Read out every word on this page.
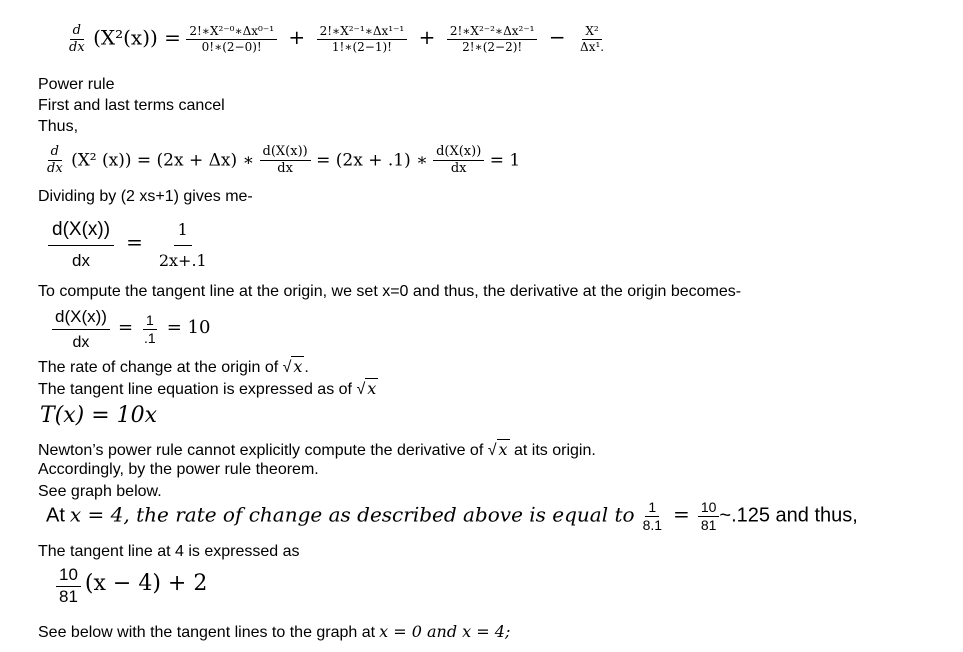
$\frac{d}{dx} (X^2(x)) = \frac{\text{2!∗X²⁻⁰∗Δx⁰⁻¹}}{0!∗(2-0)!} + \frac{\text{2!∗X²⁻¹∗Δx¹⁻¹}}{1!∗(2-1)!} + \frac{\text{2!∗X²⁻²∗Δx²⁻¹}}{2!∗(2-2)!} - \frac{\text{X²}}{\text{Δx¹.}}$
Power rule
First and last terms cancel
Thus,
$\frac{d}{dx} (X^2$ (x)) = (2x + Δx) ∗ $\frac{d(X(x))}{dx} = (2x + .1)$ ∗ $\frac{d(X(x))}{dx} = 1$
Dividing by (2 xs+1) gives me-
$\frac{d(X(x))}{dx} = \frac{1}{2x+.1}$
To compute the tangent line at the origin, we set x=0 and thus, the derivative at the origin becomes-
$\frac{d(X(x))}{dx} = \frac{1}{.1} = 10$
The rate of change at the origin of √ x .
The tangent line equation is expressed as of √ x
T(x) = 10x
Newton’s power rule cannot explicitly compute the derivative of √ x at its origin.
Accordingly, by the power rule theorem.
See graph below.
At x = 4, the rate of change as described above is equal to $\frac{1}{8.1} = \frac{10}{81}$ ~.125 and thus,
The tangent line at 4 is expressed as
$\frac{10}{81} (x - 4) + 2$
See below with the tangent lines to the graph at x = 0 and x = 4;
